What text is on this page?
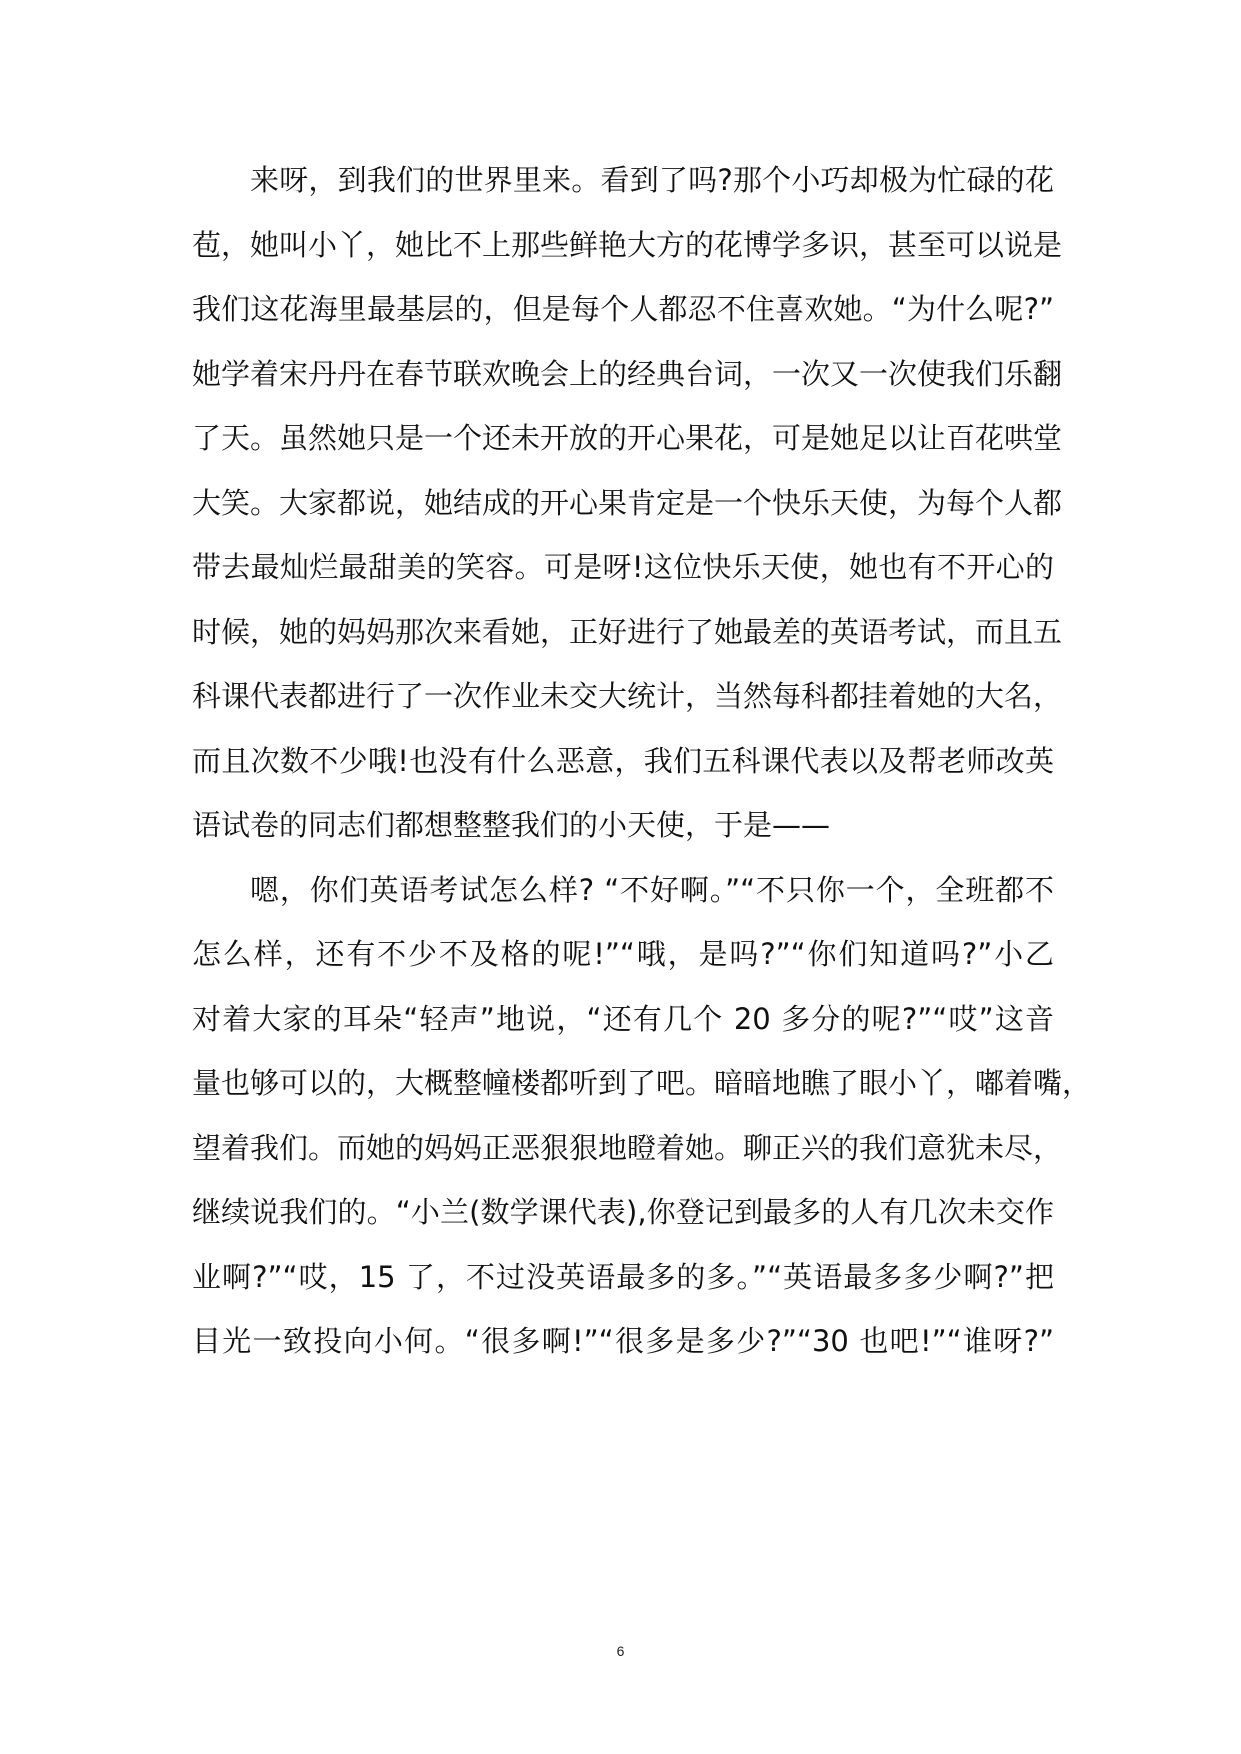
来呀，到我们的世界里来。看到了吗?那个小巧却极为忙碌的花
苞，她叫小丫，她比不上那些鲜艳大方的花博学多识，甚至可以说是
我们这花海里最基层的，但是每个人都忍不住喜欢她。“为什么呢?”
她学着宋丹丹在春节联欢晚会上的经典台词，一次又一次使我们乐翻
了天。虽然她只是一个还未开放的开心果花，可是她足以让百花哄堂
大笑。大家都说，她结成的开心果肯定是一个快乐天使，为每个人都
带去最灿烂最甜美的笑容。可是呀!这位快乐天使，她也有不开心的
时候，她的妈妈那次来看她，正好进行了她最差的英语考试，而且五
科课代表都进行了一次作业未交大统计，当然每科都挂着她的大名，
而且次数不少哦!也没有什么恶意，我们五科课代表以及帮老师改英
语试卷的同志们都想整整我们的小天使，于是——
嗯，你们英语考试怎么样? “不好啊。”“不只你一个，全班都不
怎么样，还有不少不及格的呢!”“哦，是吗?”“你们知道吗?”小乙
对着大家的耳朵“轻声”地说，“还有几个 20 多分的呢?”“哎”这音
量也够可以的，大概整幢楼都听到了吧。暗暗地瞧了眼小丫，嘟着嘴，
望着我们。而她的妈妈正恶狠狠地瞪着她。聊正兴的我们意犹未尽，
继续说我们的。“小兰(数学课代表),你登记到最多的人有几次未交作
业啊?”“哎，15 了，不过没英语最多的多。”“英语最多多少啊?”把
目光一致投向小何。“很多啊!”“很多是多少?”“30 也吧!”“谁呀?”
6
